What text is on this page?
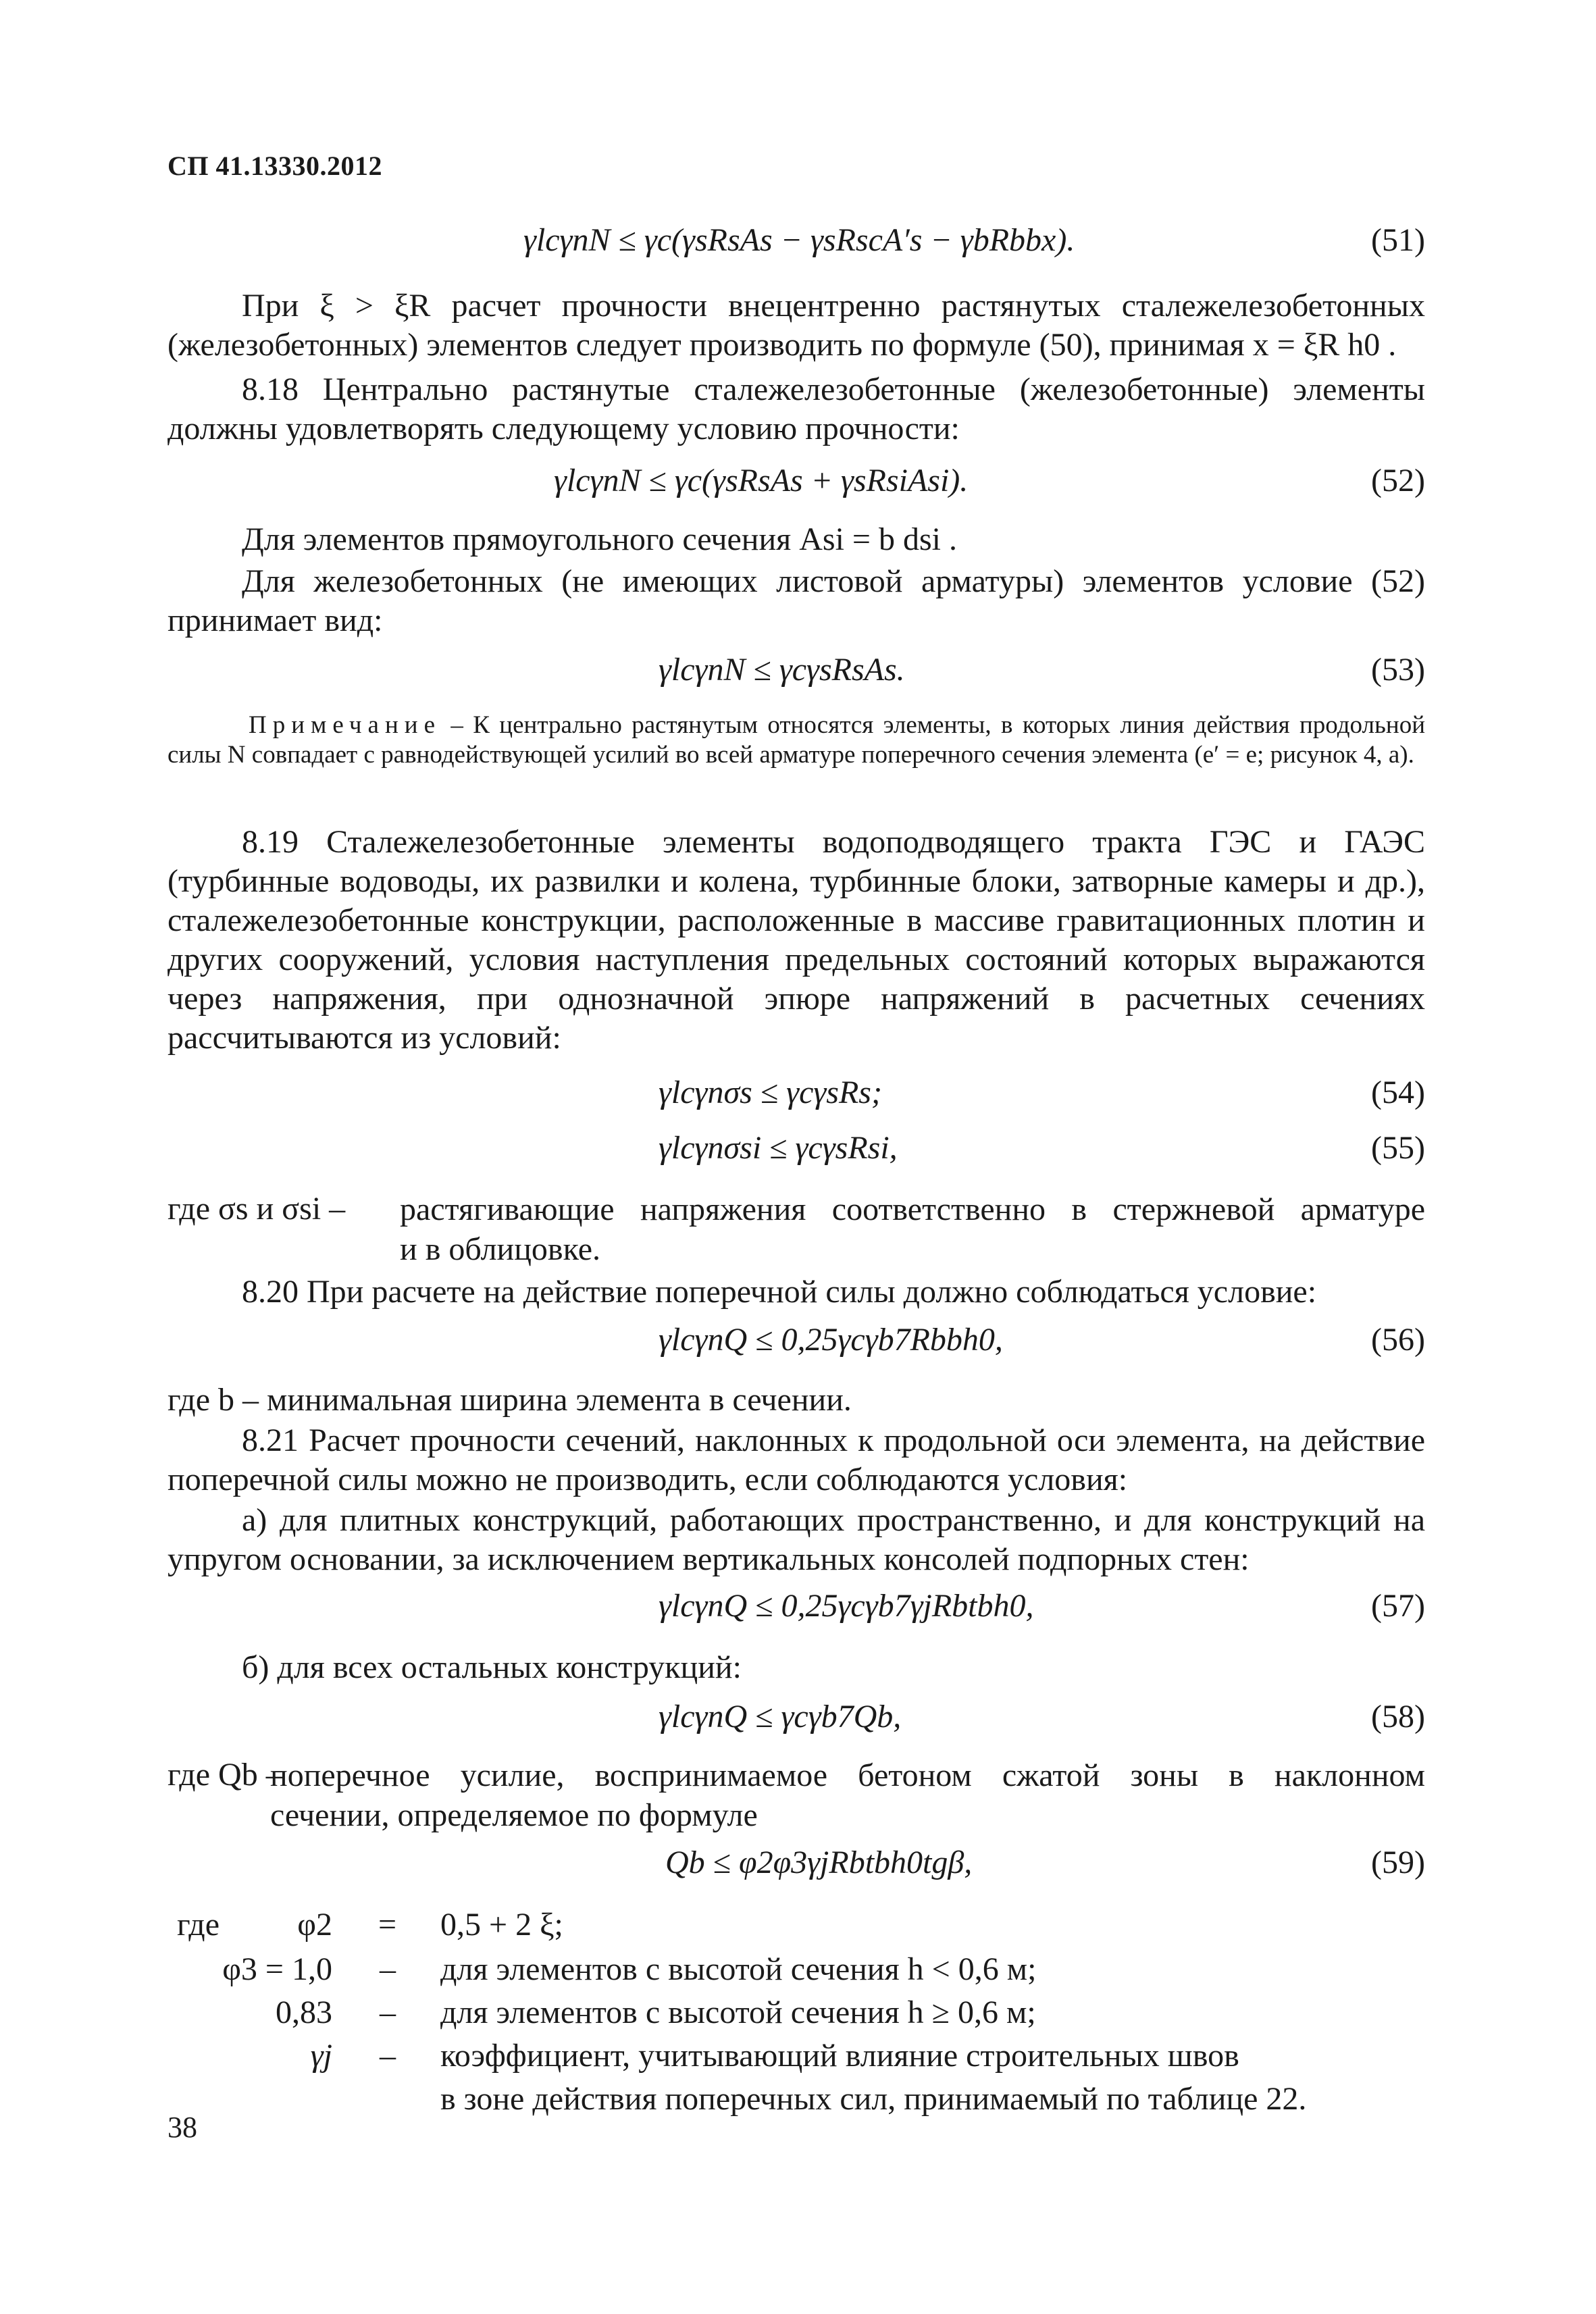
СП 41.13330.2012
γlcγnN ≤ γc(γsRsAs − γsRscA′s − γbRbbx).	(51)
При ξ > ξR расчет прочности внецентренно растянутых сталежелезобетонных (железобетонных) элементов следует производить по формуле (50), принимая x = ξR h0 .
8.18 Центрально растянутые сталежелезобетонные (железобетонные) элементы должны удовлетворять следующему условию прочности:
γlcγnN ≤ γc(γsRsAs + γsRsiAsi).	(52)
Для элементов прямоугольного сечения Asi = b dsi .
Для железобетонных (не имеющих листовой арматуры) элементов условие (52) принимает вид:
γlcγnN ≤ γcγsRsAs.	(53)
Примечание – К центрально растянутым относятся элементы, в которых линия действия продольной силы N совпадает с равнодействующей усилий во всей арматуре поперечного сечения элемента (e′ = e; рисунок 4, a).
8.19 Сталежелезобетонные элементы водоподводящего тракта ГЭС и ГАЭС (турбинные водоводы, их развилки и колена, турбинные блоки, затворные камеры и др.), сталежелезобетонные конструкции, расположенные в массиве гравитационных плотин и других сооружений, условия наступления предельных состояний которых выражаются через напряжения, при однозначной эпюре напряжений в расчетных сечениях рассчитываются из условий:
γlcγnσs ≤ γcγsRs;	(54)
γlcγnσsi ≤ γcγsRsi,	(55)
где σs и σsi – растягивающие напряжения соответственно в стержневой арматуре
и в облицовке.
8.20 При расчете на действие поперечной силы должно соблюдаться условие:
γlcγnQ ≤ 0,25γcγb7Rbbh0,	(56)
где b – минимальная ширина элемента в сечении.
8.21 Расчет прочности сечений, наклонных к продольной оси элемента, на действие поперечной силы можно не производить, если соблюдаются условия:
а) для плитных конструкций, работающих пространственно, и для конструкций на упругом основании, за исключением вертикальных консолей подпорных стен:
γlcγnQ ≤ 0,25γcγb7γjRbtbh0,	(57)
б) для всех остальных конструкций:
γlcγnQ ≤ γcγb7Qb,	(58)
где Qb –
поперечное усилие, воспринимаемое бетоном сжатой зоны в наклонном
сечении, определяемое по формуле
Qb ≤ φ2φ3γjRbtbh0tgβ,	(59)
где	φ2 = 0,5 + 2 ξ;
φ3 = 1,0 – для элементов с высотой сечения h < 0,6 м;
0,83 – для элементов с высотой сечения h ≥ 0,6 м;
γj – коэффициент, учитывающий влияние строительных швов
в зоне действия поперечных сил, принимаемый по таблице 22.
38
